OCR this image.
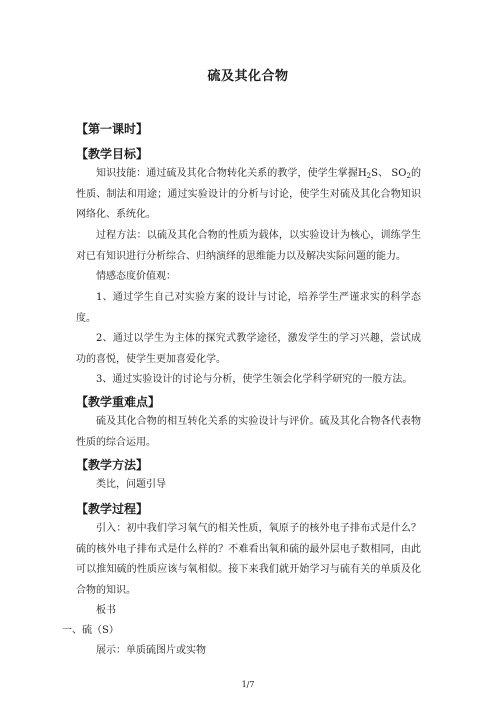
硫及其化合物
【第一课时】
【教学目标】
知识技能：通过硫及其化合物转化关系的教学，使学生掌握$H_2S$、 $SO_2$的性质、制法和用途；通过实验设计的分析与讨论，使学生对硫及其化合物知识网络化、系统化。
过程方法：以硫及其化合物的性质为载体，以实验设计为核心，训练学生对已有知识进行分析综合、归纳演绎的思维能力以及解决实际问题的能力。
情感态度价值观：
1、通过学生自己对实验方案的设计与讨论，培养学生严谨求实的科学态度。
2、通过以学生为主体的探究式教学途径，激发学生的学习兴趣，尝试成功的喜悦，使学生更加喜爱化学。
3、通过实验设计的讨论与分析，使学生领会化学科学研究的一般方法。
【教学重难点】
硫及其化合物的相互转化关系的实验设计与评价。硫及其化合物各代表物性质的综合运用。
【教学方法】
类比，问题引导
【教学过程】
引入：初中我们学习氧气的相关性质，氧原子的核外电子排布式是什么？硫的核外电子排布式是什么样的？不难看出氧和硫的最外层电子数相同，由此可以推知硫的性质应该与氧相似。接下来我们就开始学习与硫有关的单质及化合物的知识。
板书
一、硫（S）
展示：单质硫图片或实物
1/7
